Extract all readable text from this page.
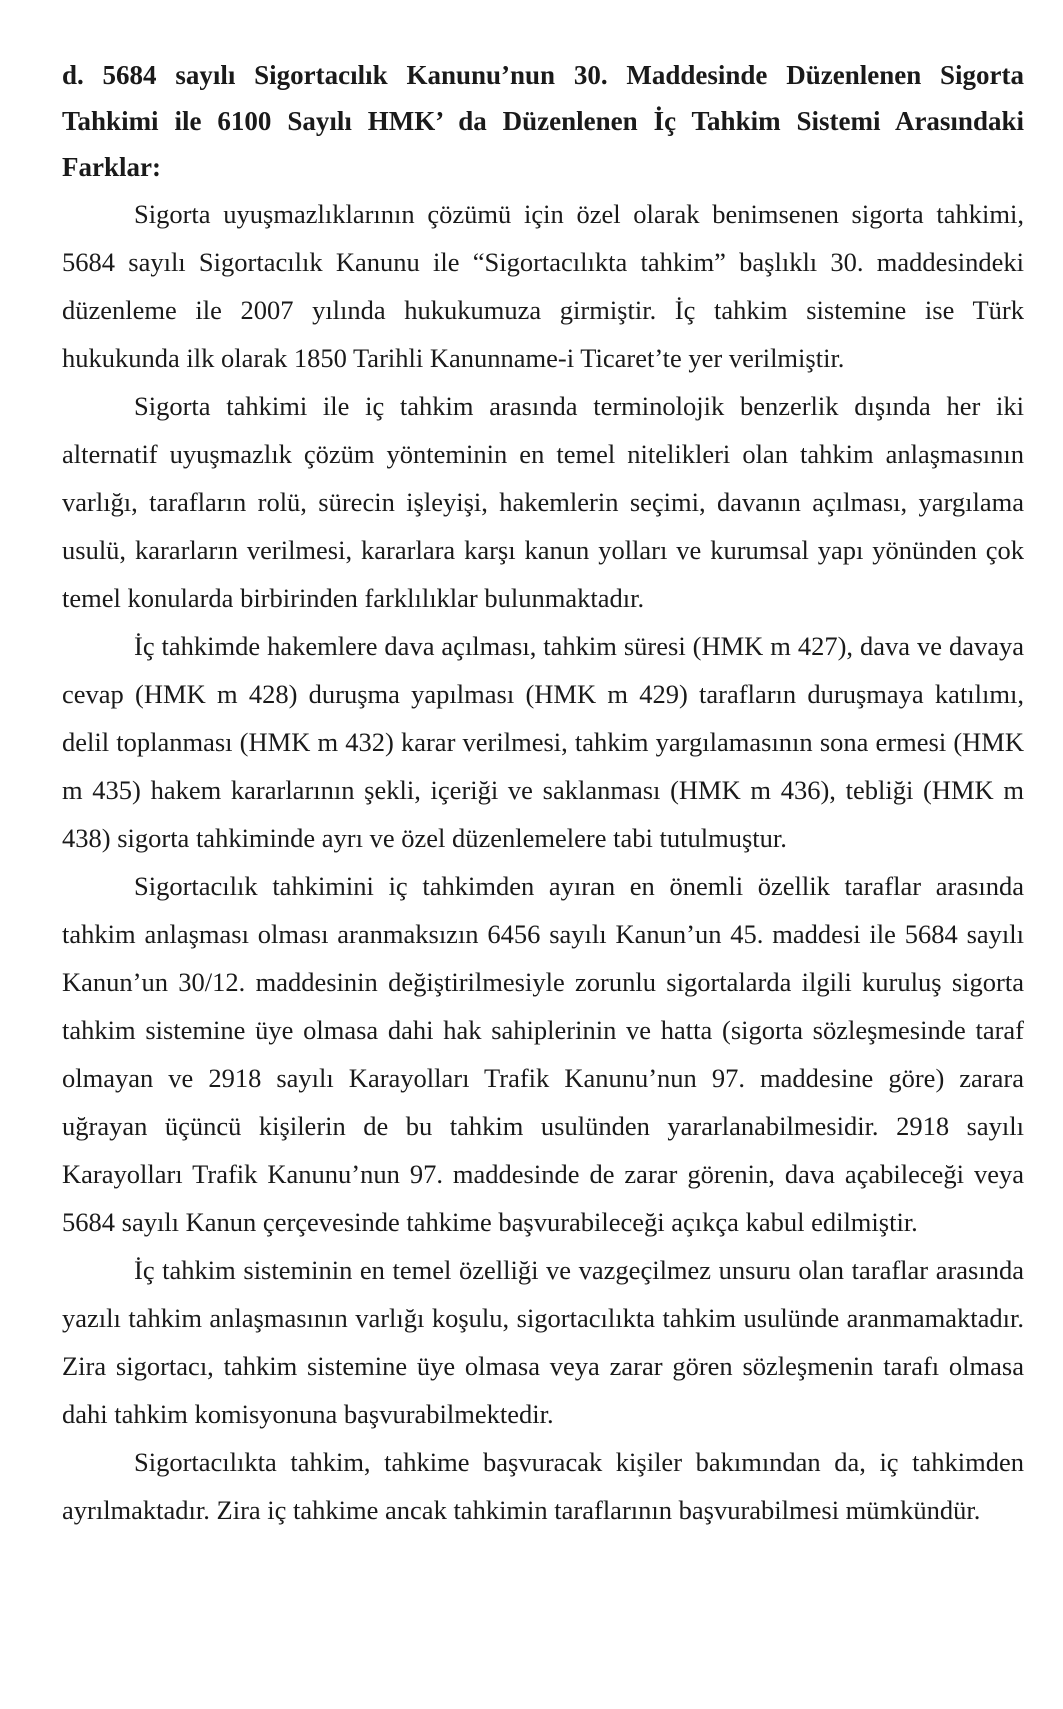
d. 5684 sayılı Sigortacılık Kanunu’nun 30. Maddesinde Düzenlenen Sigorta Tahkimi ile 6100 Sayılı HMK’ da Düzenlenen İç Tahkim Sistemi Arasındaki Farklar:

Sigorta uyuşmazlıklarının çözümü için özel olarak benimsenen sigorta tahkimi, 5684 sayılı Sigortacılık Kanunu ile “Sigortacılıkta tahkim” başlıklı 30. maddesindeki düzenleme ile 2007 yılında hukukumuza girmiştir. İç tahkim sistemine ise Türk hukukunda ilk olarak 1850 Tarihli Kanunname-i Ticaret’te yer verilmiştir.

Sigorta tahkimi ile iç tahkim arasında terminolojik benzerlik dışında her iki alternatif uyuşmazlık çözüm yönteminin en temel nitelikleri olan tahkim anlaşmasının varlığı, tarafların rolü, sürecin işleyişi, hakemlerin seçimi, davanın açılması, yargılama usulü, kararların verilmesi, kararlara karşı kanun yolları ve kurumsal yapı yönünden çok temel konularda birbirinden farklılıklar bulunmaktadır.

İç tahkimde hakemlere dava açılması, tahkim süresi (HMK m 427), dava ve davaya cevap (HMK m 428) duruşma yapılması (HMK m 429) tarafların duruşmaya katılımı, delil toplanması (HMK m 432) karar verilmesi, tahkim yargılamasının sona ermesi (HMK m 435) hakem kararlarının şekli, içeriği ve saklanması (HMK m 436), tebliği (HMK m 438) sigorta tahkiminde ayrı ve özel düzenlemelere tabi tutulmuştur.

Sigortacılık tahkimini iç tahkimden ayıran en önemli özellik taraflar arasında tahkim anlaşması olması aranmaksızın 6456 sayılı Kanun’un 45. maddesi ile 5684 sayılı Kanun’un 30/12. maddesinin değiştirilmesiyle zorunlu sigortalarda ilgili kuruluş sigorta tahkim sistemine üye olmasa dahi hak sahiplerinin ve hatta (sigorta sözleşmesinde taraf olmayan ve 2918 sayılı Karayolları Trafik Kanunu’nun 97. maddesine göre) zarara uğrayan üçüncü kişilerin de bu tahkim usulünden yararlanabilmesidir. 2918 sayılı Karayolları Trafik Kanunu’nun 97. maddesinde de zarar görenin, dava açabileceği veya 5684 sayılı Kanun çerçevesinde tahkime başvurabileceği açıkça kabul edilmiştir.

İç tahkim sisteminin en temel özelliği ve vazgeçilmez unsuru olan taraflar arasında yazılı tahkim anlaşmasının varlığı koşulu, sigortacılıkta tahkim usulünde aranmamaktadır. Zira sigortacı, tahkim sistemine üye olmasa veya zarar gören sözleşmenin tarafı olmasa dahi tahkim komisyonuna başvurabilmektedir.

Sigortacılıkta tahkim, tahkime başvuracak kişiler bakımından da, iç tahkimden ayrılmaktadır. Zira iç tahkime ancak tahkimin taraflarının başvurabilmesi mümkündür.
